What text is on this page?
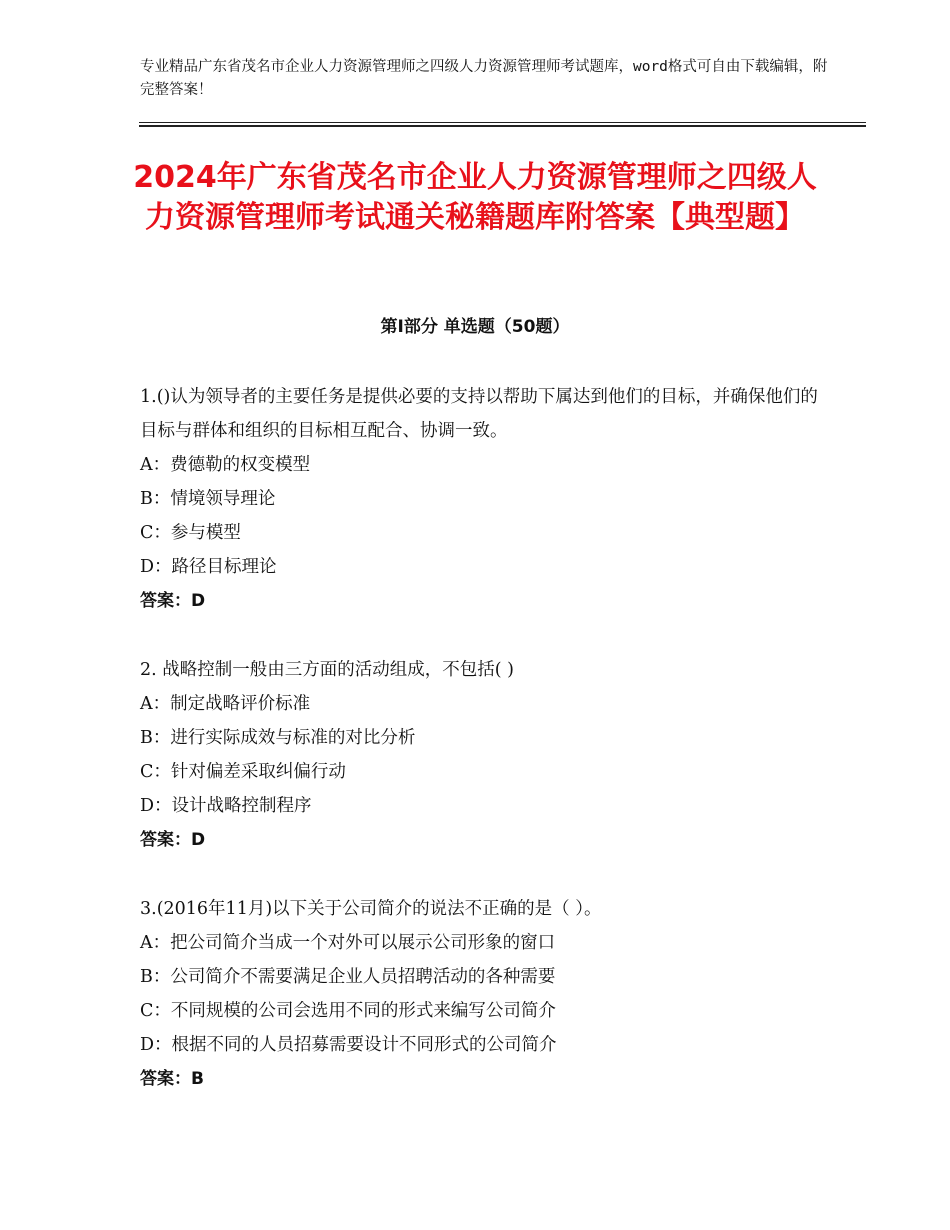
专业精品广东省茂名市企业人力资源管理师之四级人力资源管理师考试题库，word格式可自由下载编辑，附完整答案！
2024年广东省茂名市企业人力资源管理师之四级人力资源管理师考试通关秘籍题库附答案【典型题】
第Ⅰ部分 单选题（50题）
1.()认为领导者的主要任务是提供必要的支持以帮助下属达到他们的目标，并确保他们的目标与群体和组织的目标相互配合、协调一致。
A：费德勒的权变模型
B：情境领导理论
C：参与模型
D：路径目标理论
答案：D
2. 战略控制一般由三方面的活动组成，不包括( )
A：制定战略评价标准
B：进行实际成效与标准的对比分析
C：针对偏差采取纠偏行动
D：设计战略控制程序
答案：D
3.(2016年11月)以下关于公司简介的说法不正确的是（ ）。
A：把公司简介当成一个对外可以展示公司形象的窗口
B：公司简介不需要满足企业人员招聘活动的各种需要
C：不同规模的公司会选用不同的形式来编写公司简介
D：根据不同的人员招募需要设计不同形式的公司简介
答案：B
